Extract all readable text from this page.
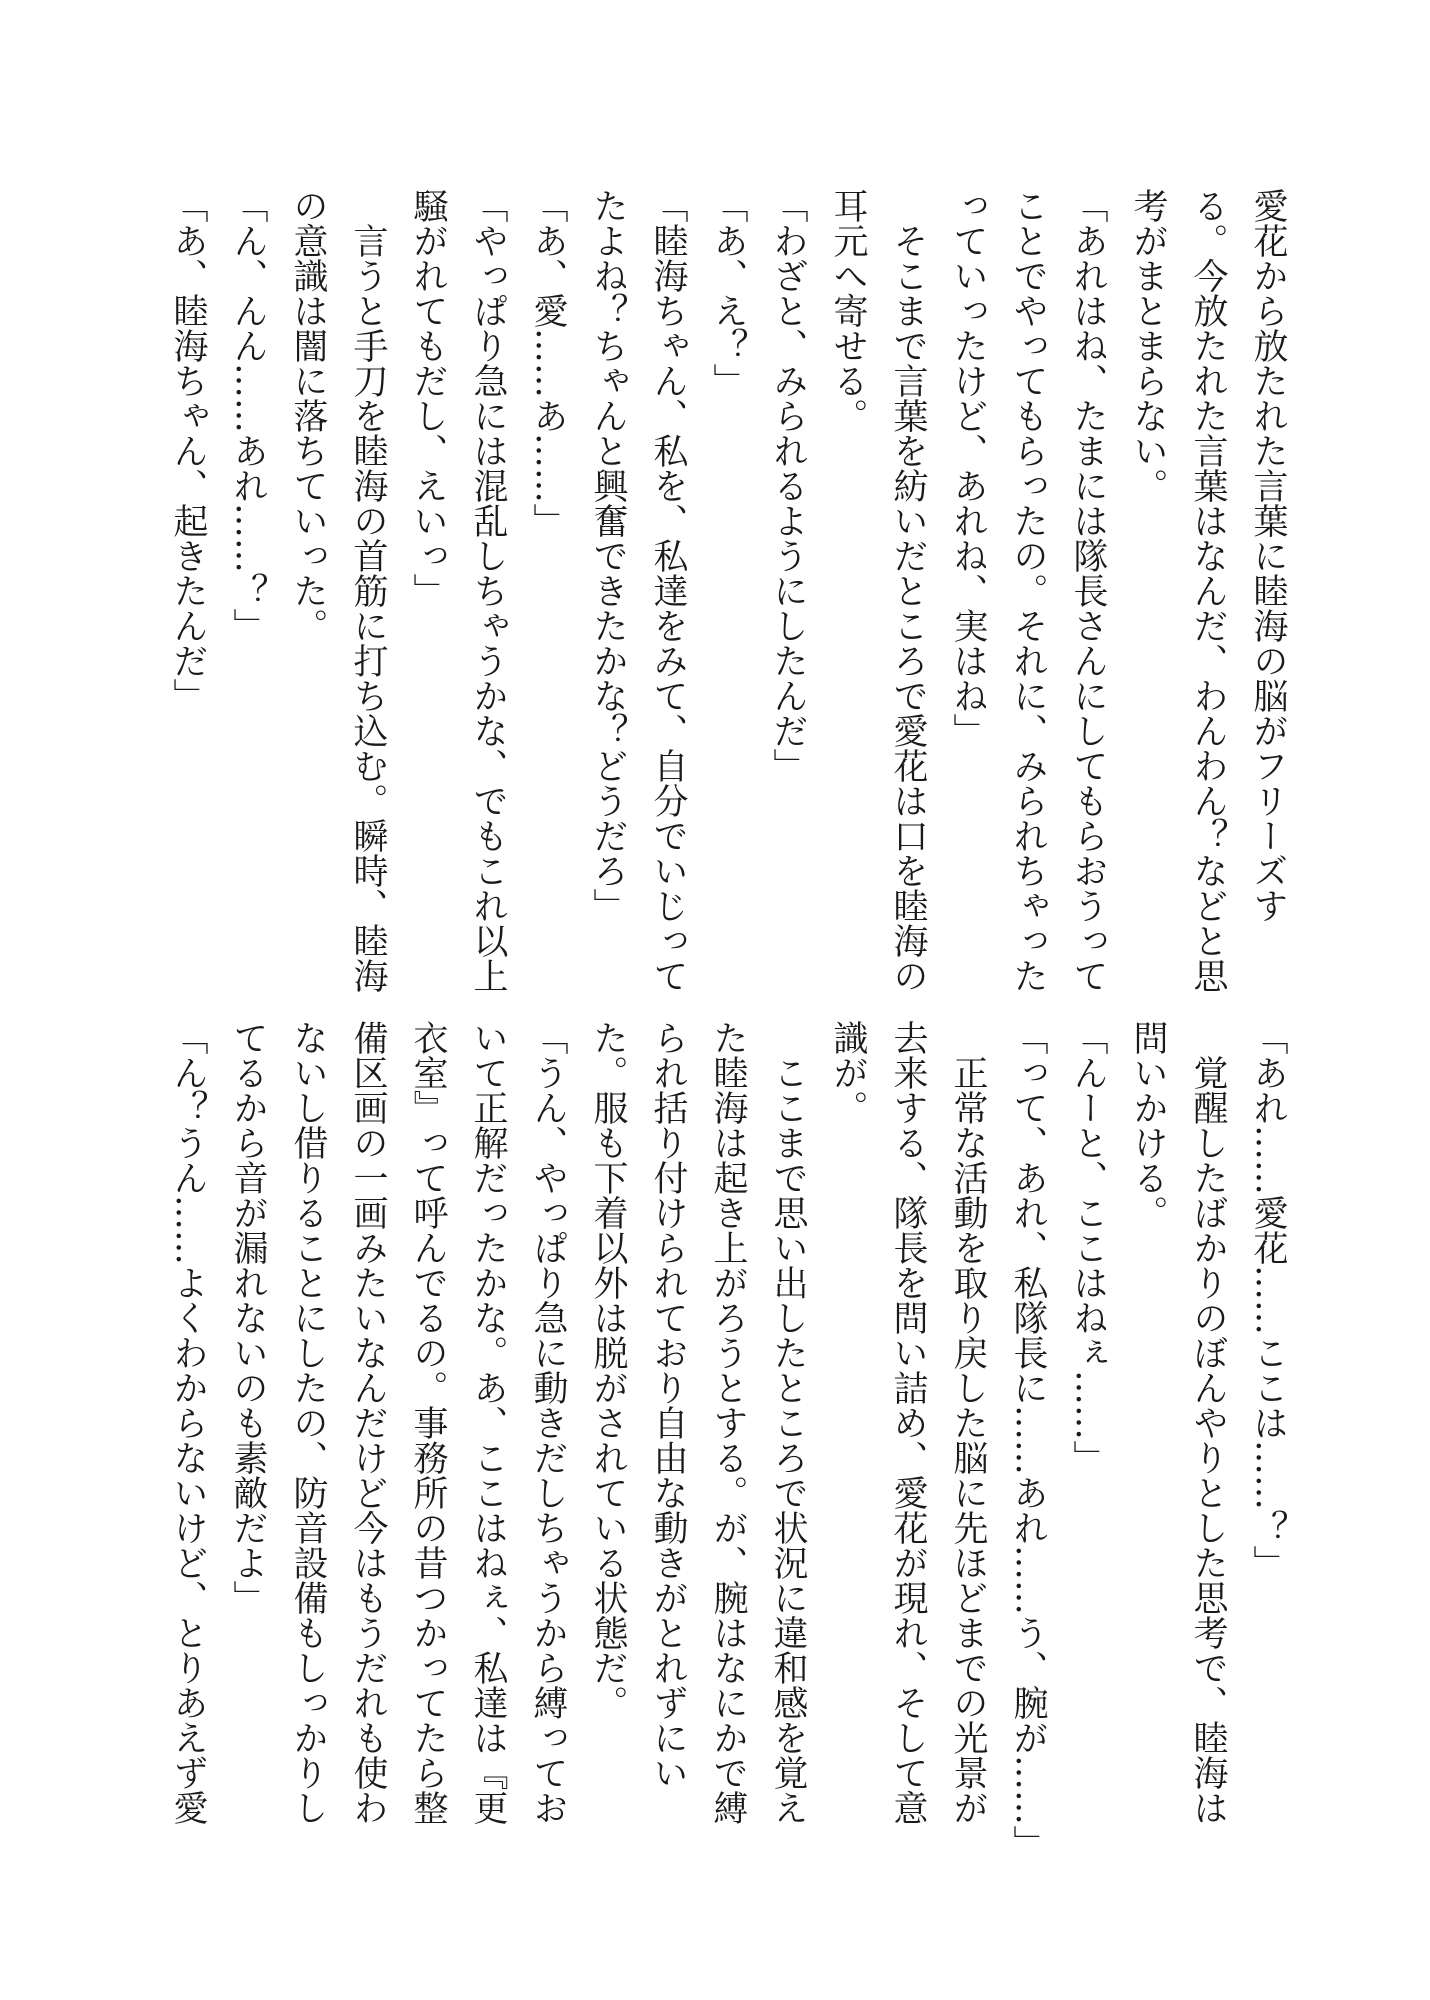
愛花から放たれた言葉に睦海の脳がフリーズす
る。今放たれた言葉はなんだ、わんわん？などと思
考がまとまらない。
「あれはね、たまには隊長さんにしてもらおうって
ことでやってもらったの。それに、みられちゃった
っていったけど、あれね、実はね」
　そこまで言葉を紡いだところで愛花は口を睦海の
耳元へ寄せる。
「わざと、みられるようにしたんだ」
「あ、え？」
「睦海ちゃん、私を、私達をみて、自分でいじって
たよね？ちゃんと興奮できたかな？どうだろ」
「あ、愛……あ……」
「やっぱり急には混乱しちゃうかな、でもこれ以上
騒がれてもだし、えいっ」
　言うと手刀を睦海の首筋に打ち込む。瞬時、睦海
の意識は闇に落ちていった。
「ん、んん……あれ……？」
「あ、睦海ちゃん、起きたんだ」
「あれ……愛花……ここは……？」
　覚醒したばかりのぼんやりとした思考で、睦海は
問いかける。
「んーと、ここはねぇ……」
「って、あれ、私隊長に……あれ……う、腕が……」
　正常な活動を取り戻した脳に先ほどまでの光景が
去来する、隊長を問い詰め、愛花が現れ、そして意
識が。
　ここまで思い出したところで状況に違和感を覚え
た睦海は起き上がろうとする。が、腕はなにかで縛
られ括り付けられており自由な動きがとれずにい
た。服も下着以外は脱がされている状態だ。
「うん、やっぱり急に動きだしちゃうから縛ってお
いて正解だったかな。あ、ここはねぇ、私達は『更
衣室』って呼んでるの。事務所の昔つかってたら整
備区画の一画みたいなんだけど今はもうだれも使わ
ないし借りることにしたの、防音設備もしっかりし
てるから音が漏れないのも素敵だよ」
「ん？うん……よくわからないけど、とりあえず愛
